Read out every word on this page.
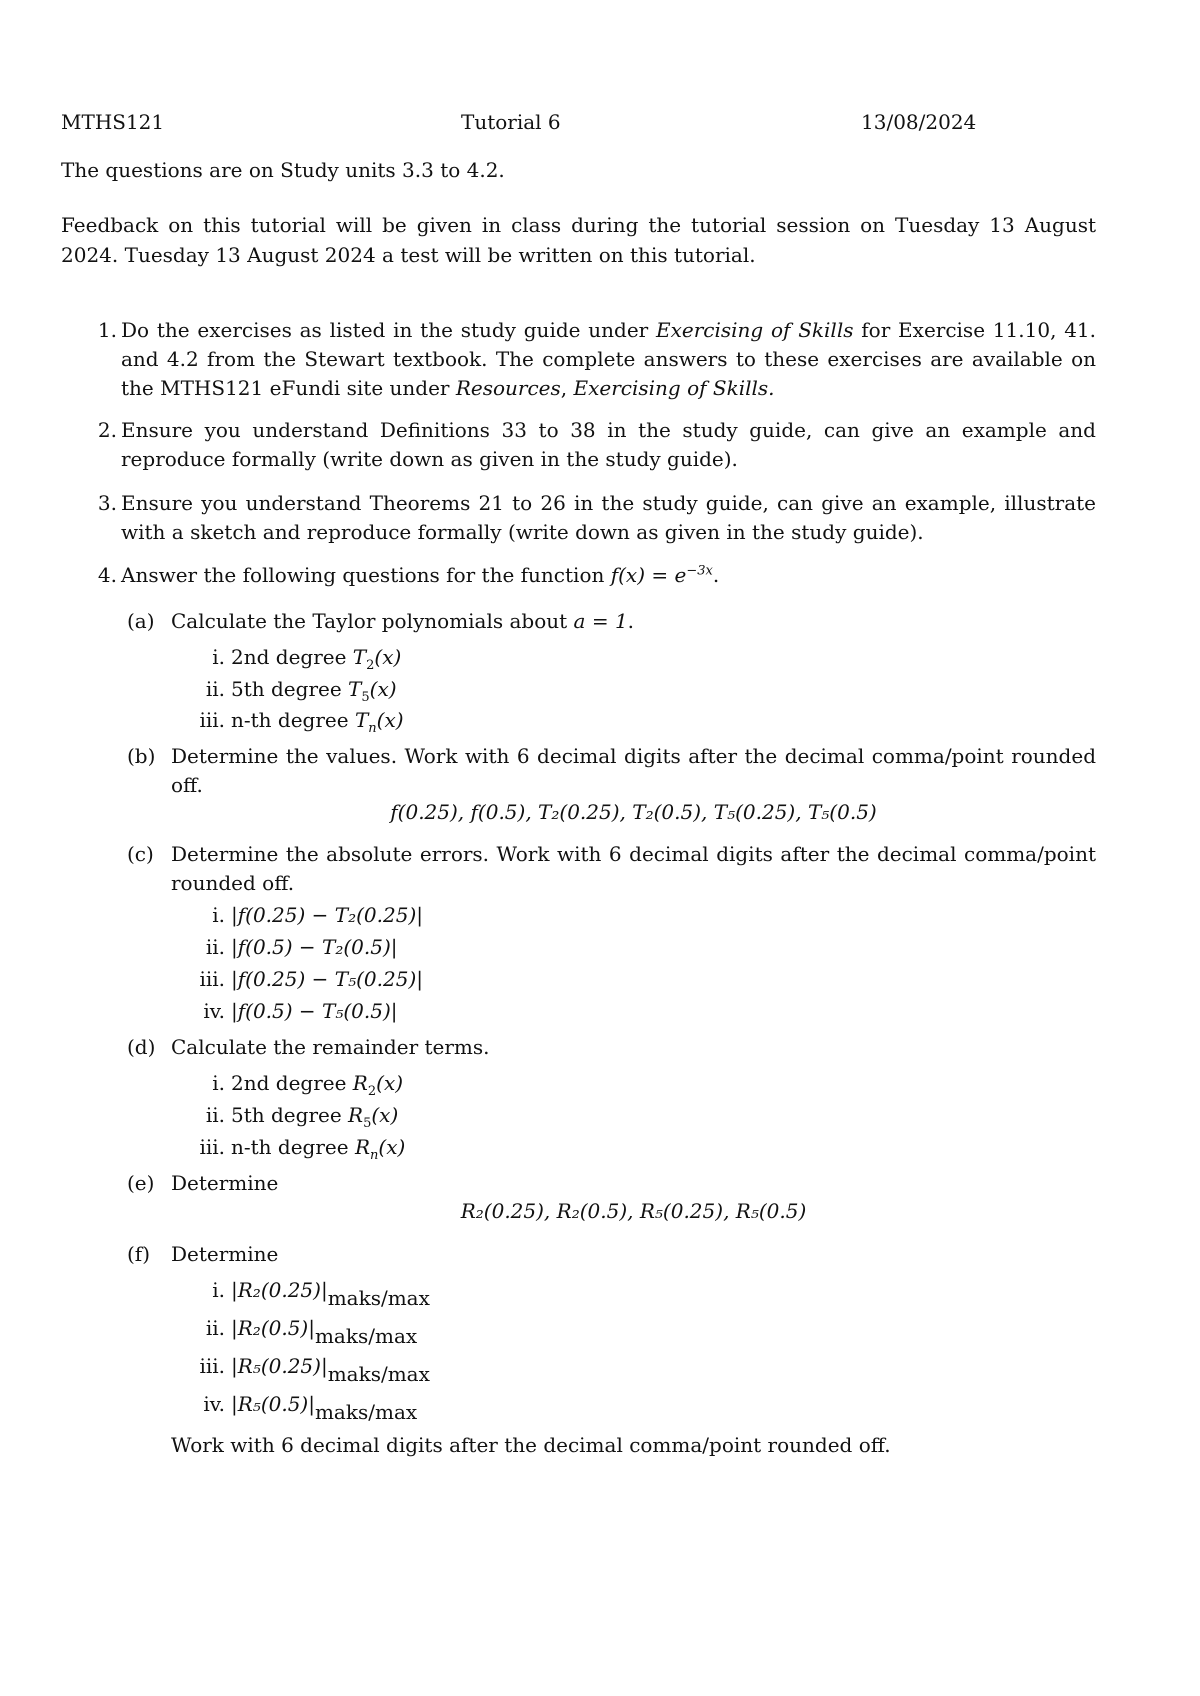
MTHS121	Tutorial 6	13/08/2024
The questions are on Study units 3.3 to 4.2.
Feedback on this tutorial will be given in class during the tutorial session on Tuesday 13 August 2024. Tuesday 13 August 2024 a test will be written on this tutorial.
1. Do the exercises as listed in the study guide under Exercising of Skills for Exercise 11.10, 41. and 4.2 from the Stewart textbook. The complete answers to these exercises are available on the MTHS121 eFundi site under Resources, Exercising of Skills.
2. Ensure you understand Definitions 33 to 38 in the study guide, can give an example and reproduce formally (write down as given in the study guide).
3. Ensure you understand Theorems 21 to 26 in the study guide, can give an example, illustrate with a sketch and reproduce formally (write down as given in the study guide).
4. Answer the following questions for the function $f(x) = e^{-3x}$.
(a) Calculate the Taylor polynomials about a = 1.
i. 2nd degree $T_2(x)$
ii. 5th degree $T_5(x)$
iii. n-th degree $T_n(x)$
(b) Determine the values. Work with 6 decimal digits after the decimal comma/point rounded off.
f(0.25), f(0.5), T₂(0.25), T₂(0.5), T₅(0.25), T₅(0.5)
(c) Determine the absolute errors. Work with 6 decimal digits after the decimal comma/point rounded off.
i. |f(0.25) − T₂(0.25)|
ii. |f(0.5) − T₂(0.5)|
iii. |f(0.25) − T₅(0.25)|
iv. |f(0.5) − T₅(0.5)|
(d) Calculate the remainder terms.
i. 2nd degree $R_2(x)$
ii. 5th degree $R_5(x)$
iii. n-th degree $R_n(x)$
(e) Determine
R₂(0.25), R₂(0.5), R₅(0.25), R₅(0.5)
(f)	Determine
i. |R₂(0.25)|maks/max
ii. |R₂(0.5)|maks/max
iii. |R₅(0.25)|maks/max
iv. |R₅(0.5)|maks/max
Work with 6 decimal digits after the decimal comma/point rounded off.
